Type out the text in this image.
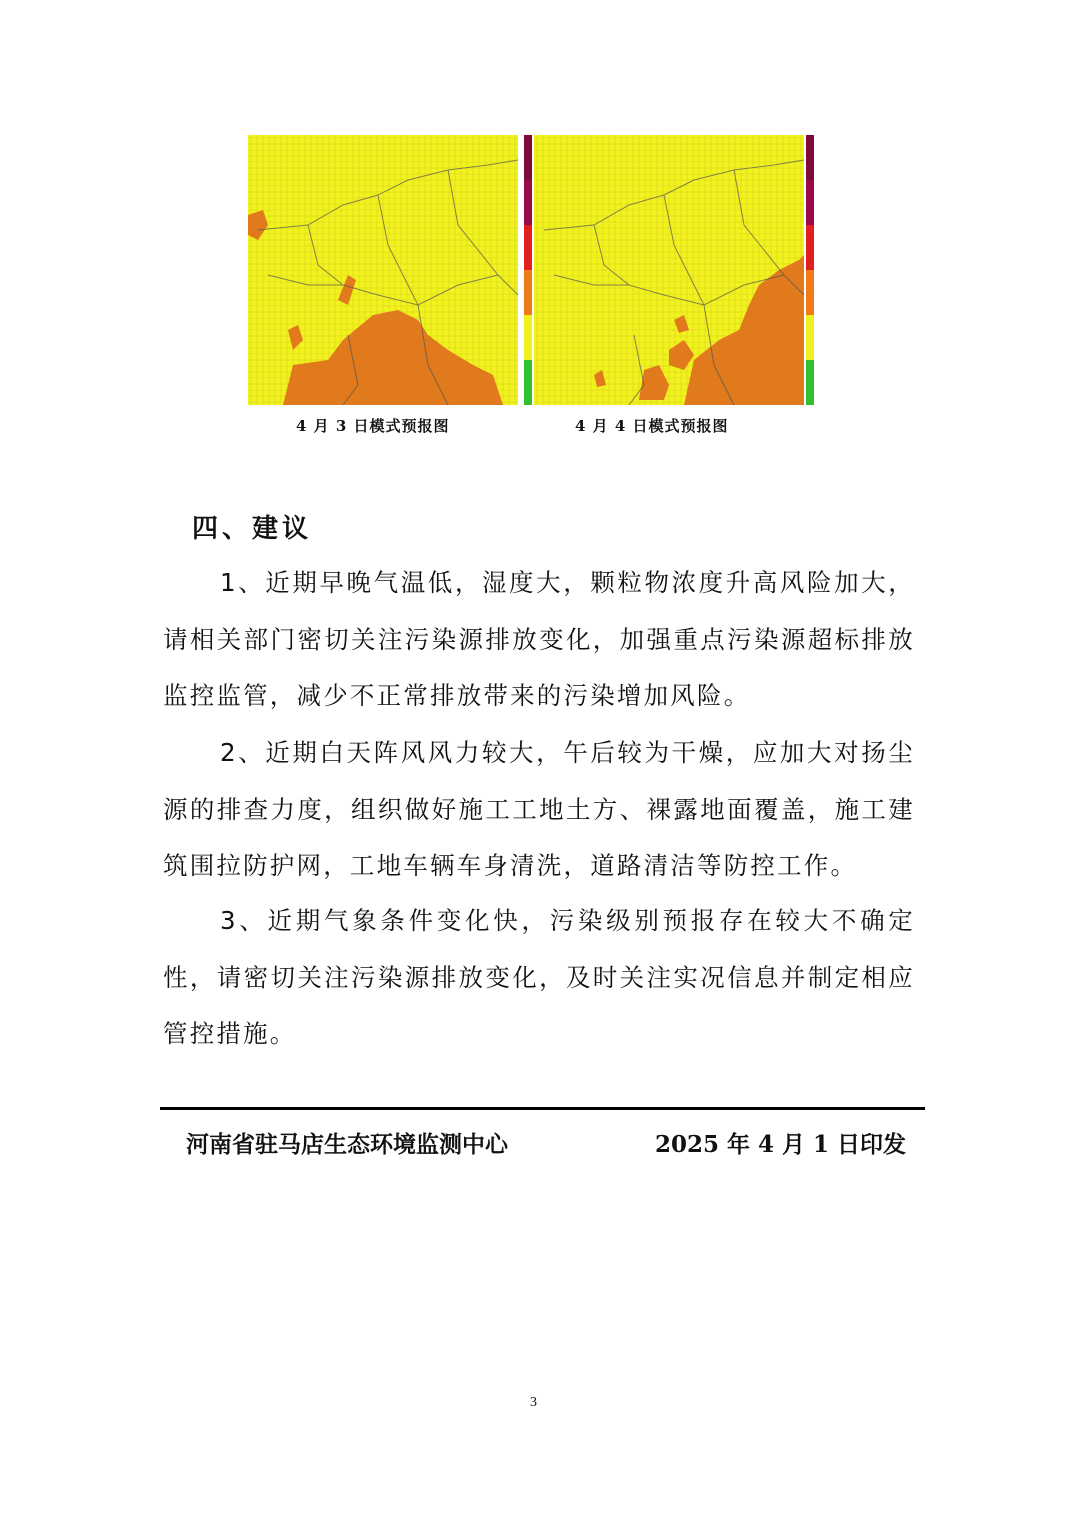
4 月 3 日模式预报图	4 月 4 日模式预报图
四、建议

1、近期早晚气温低，湿度大，颗粒物浓度升高风险加大，请相关部门密切关注污染源排放变化，加强重点污染源超标排放监控监管，减少不正常排放带来的污染增加风险。

2、近期白天阵风风力较大，午后较为干燥，应加大对扬尘源的排查力度，组织做好施工工地土方、裸露地面覆盖，施工建筑围拉防护网，工地车辆车身清洗，道路清洁等防控工作。

3、近期气象条件变化快，污染级别预报存在较大不确定性，请密切关注污染源排放变化，及时关注实况信息并制定相应管控措施。

河南省驻马店生态环境监测中心	2025 年 4 月 1 日印发
3
